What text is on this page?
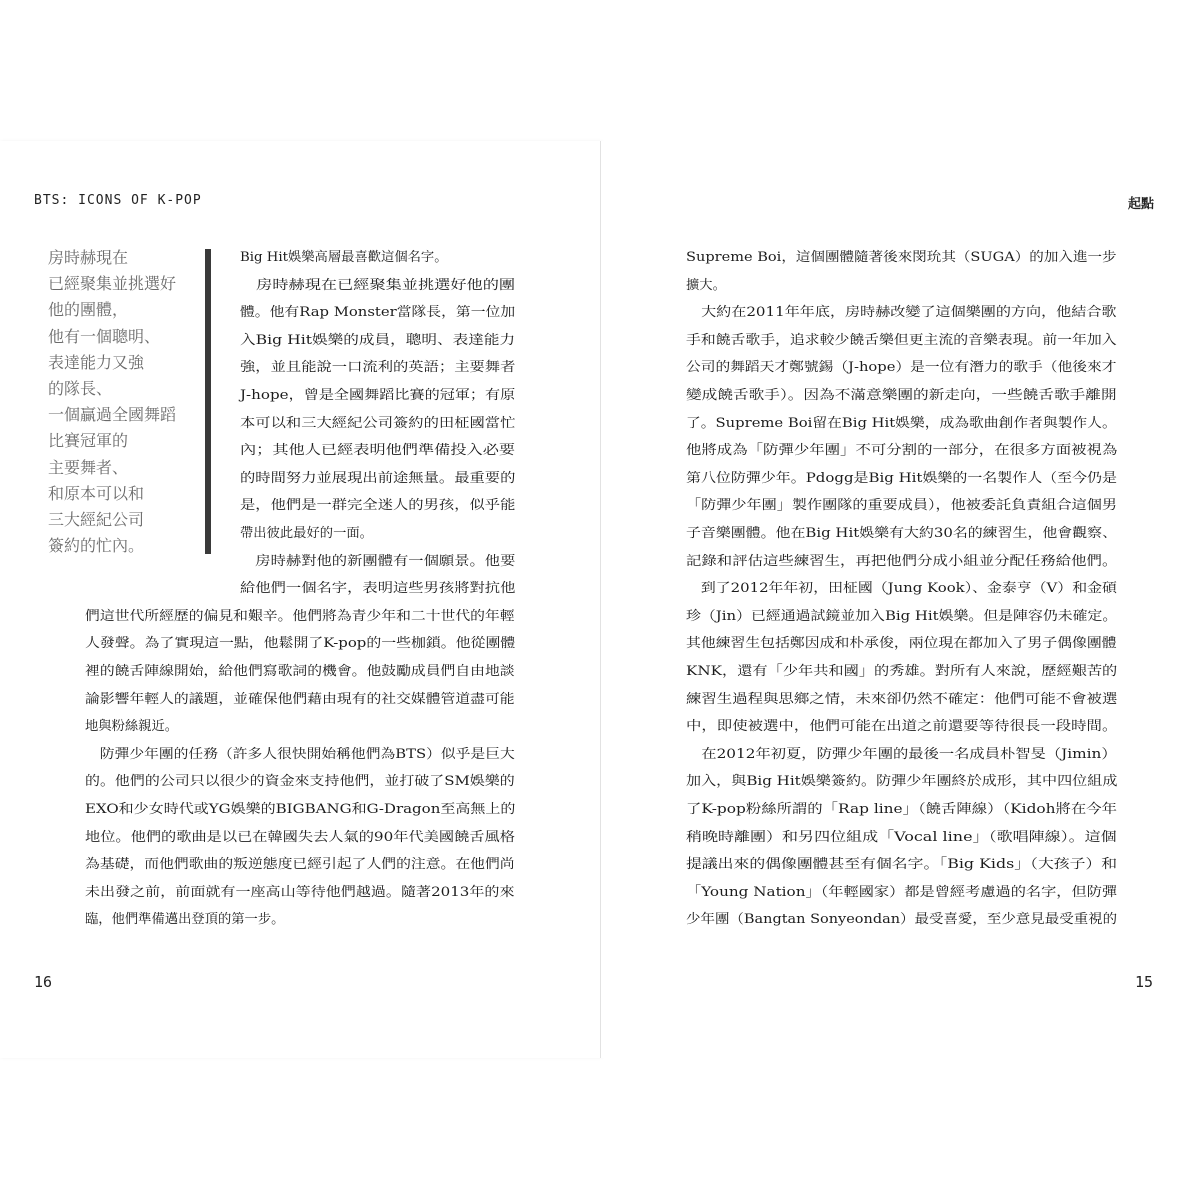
BTS: ICONS OF K-POP
房時赫現在
已經聚集並挑選好
他的團體，
他有一個聰明、
表達能力又強
的隊長、
一個贏過全國舞蹈
比賽冠軍的
主要舞者、
和原本可以和
三大經紀公司
簽約的忙內。
Big Hit娛樂高層最喜歡這個名字。
　房時赫現在已經聚集並挑選好他的團
體。他有Rap Monster當隊長，第一位加
入Big Hit娛樂的成員，聰明、表達能力
強，並且能說一口流利的英語；主要舞者
J-hope，曾是全國舞蹈比賽的冠軍；有原
本可以和三大經紀公司簽約的田柾國當忙
內；其他人已經表明他們準備投入必要
的時間努力並展現出前途無量。最重要的
是，他們是一群完全迷人的男孩，似乎能
帶出彼此最好的一面。
　房時赫對他的新團體有一個願景。他要
給他們一個名字，表明這些男孩將對抗他
們這世代所經歷的偏見和艱辛。他們將為青少年和二十世代的年輕
人發聲。為了實現這一點，他鬆開了K-pop的一些枷鎖。他從團體
裡的饒舌陣線開始，給他們寫歌詞的機會。他鼓勵成員們自由地談
論影響年輕人的議題，並確保他們藉由現有的社交媒體管道盡可能
地與粉絲親近。
　防彈少年團的任務（許多人很快開始稱他們為BTS）似乎是巨大
的。他們的公司只以很少的資金來支持他們，並打破了SM娛樂的
EXO和少女時代或YG娛樂的BIGBANG和G-Dragon至高無上的
地位。他們的歌曲是以已在韓國失去人氣的90年代美國饒舌風格
為基礎，而他們歌曲的叛逆態度已經引起了人們的注意。在他們尚
未出發之前，前面就有一座高山等待他們越過。隨著2013年的來
臨，他們準備邁出登頂的第一步。
16
起點
Supreme Boi，這個團體隨著後來閔玧其（SUGA）的加入進一步
擴大。
　大約在2011年年底，房時赫改變了這個樂團的方向，他結合歌
手和饒舌歌手，追求較少饒舌樂但更主流的音樂表現。前一年加入
公司的舞蹈天才鄭號錫（J-hope）是一位有潛力的歌手（他後來才
變成饒舌歌手）。因為不滿意樂團的新走向，一些饒舌歌手離開
了。Supreme Boi留在Big Hit娛樂，成為歌曲創作者與製作人。
他將成為「防彈少年團」不可分割的一部分，在很多方面被視為
第八位防彈少年。Pdogg是Big Hit娛樂的一名製作人（至今仍是
「防彈少年團」製作團隊的重要成員），他被委託負責組合這個男
子音樂團體。他在Big Hit娛樂有大約30名的練習生，他會觀察、
記錄和評估這些練習生，再把他們分成小組並分配任務給他們。
　到了2012年年初，田柾國（Jung Kook）、金泰亨（V）和金碩
珍（Jin）已經通過試鏡並加入Big Hit娛樂。但是陣容仍未確定。
其他練習生包括鄭因成和朴承俊，兩位現在都加入了男子偶像團體
KNK，還有「少年共和國」的秀雄。對所有人來說，歷經艱苦的
練習生過程與思鄉之情，未來卻仍然不確定：他們可能不會被選
中，即使被選中，他們可能在出道之前還要等待很長一段時間。
　在2012年初夏，防彈少年團的最後一名成員朴智旻（Jimin）
加入，與Big Hit娛樂簽約。防彈少年團終於成形，其中四位組成
了K-pop粉絲所謂的「Rap line」（饒舌陣線）（Kidoh將在今年
稍晚時離團）和另四位組成「Vocal line」（歌唱陣線）。這個
提議出來的偶像團體甚至有個名字。「Big Kids」（大孩子）和
「Young Nation」（年輕國家）都是曾經考慮過的名字，但防彈
少年團（Bangtan Sonyeondan）最受喜愛，至少意見最受重視的
15
